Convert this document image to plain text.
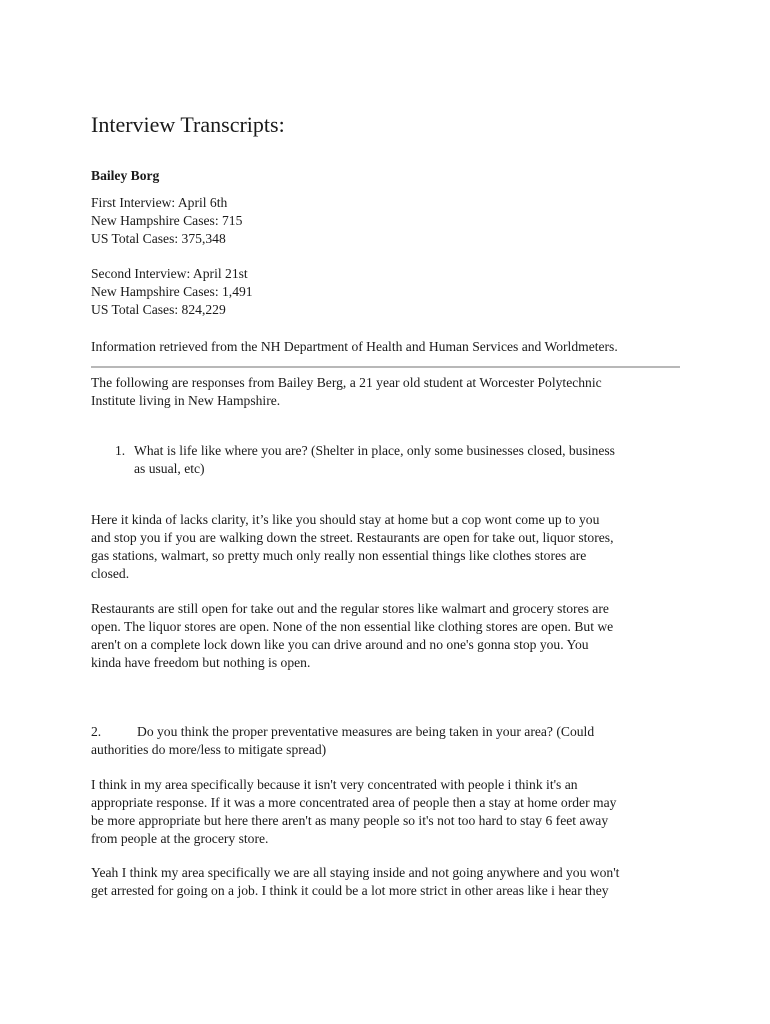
Interview Transcripts:

Bailey Borg

First Interview: April 6th
New Hampshire Cases: 715
US Total Cases: 375,348
Second Interview: April 21st
New Hampshire Cases: 1,491
US Total Cases: 824,229
Information retrieved from the NH Department of Health and Human Services and Worldmeters.
The following are responses from Bailey Berg, a 21 year old student at Worcester Polytechnic
Institute living in New Hampshire.
1. What is life like where you are? (Shelter in place, only some businesses closed, business
as usual, etc)
Here it kinda of lacks clarity, it’s like you should stay at home but a cop wont come up to you
and stop you if you are walking down the street. Restaurants are open for take out, liquor stores,
gas stations, walmart, so pretty much only really non essential things like clothes stores are
closed.
Restaurants are still open for take out and the regular stores like walmart and grocery stores are
open. The liquor stores are open. None of the non essential like clothing stores are open. But we
aren't on a complete lock down like you can drive around and no one's gonna stop you. You
kinda have freedom but nothing is open.
2.	Do you think the proper preventative measures are being taken in your area? (Could
authorities do more/less to mitigate spread)
I think in my area specifically because it isn't very concentrated with people i think it's an
appropriate response. If it was a more concentrated area of people then a stay at home order may
be more appropriate but here there aren't as many people so it's not too hard to stay 6 feet away
from people at the grocery store.
Yeah I think my area specifically we are all staying inside and not going anywhere and you won't
get arrested for going on a job. I think it could be a lot more strict in other areas like i hear they
